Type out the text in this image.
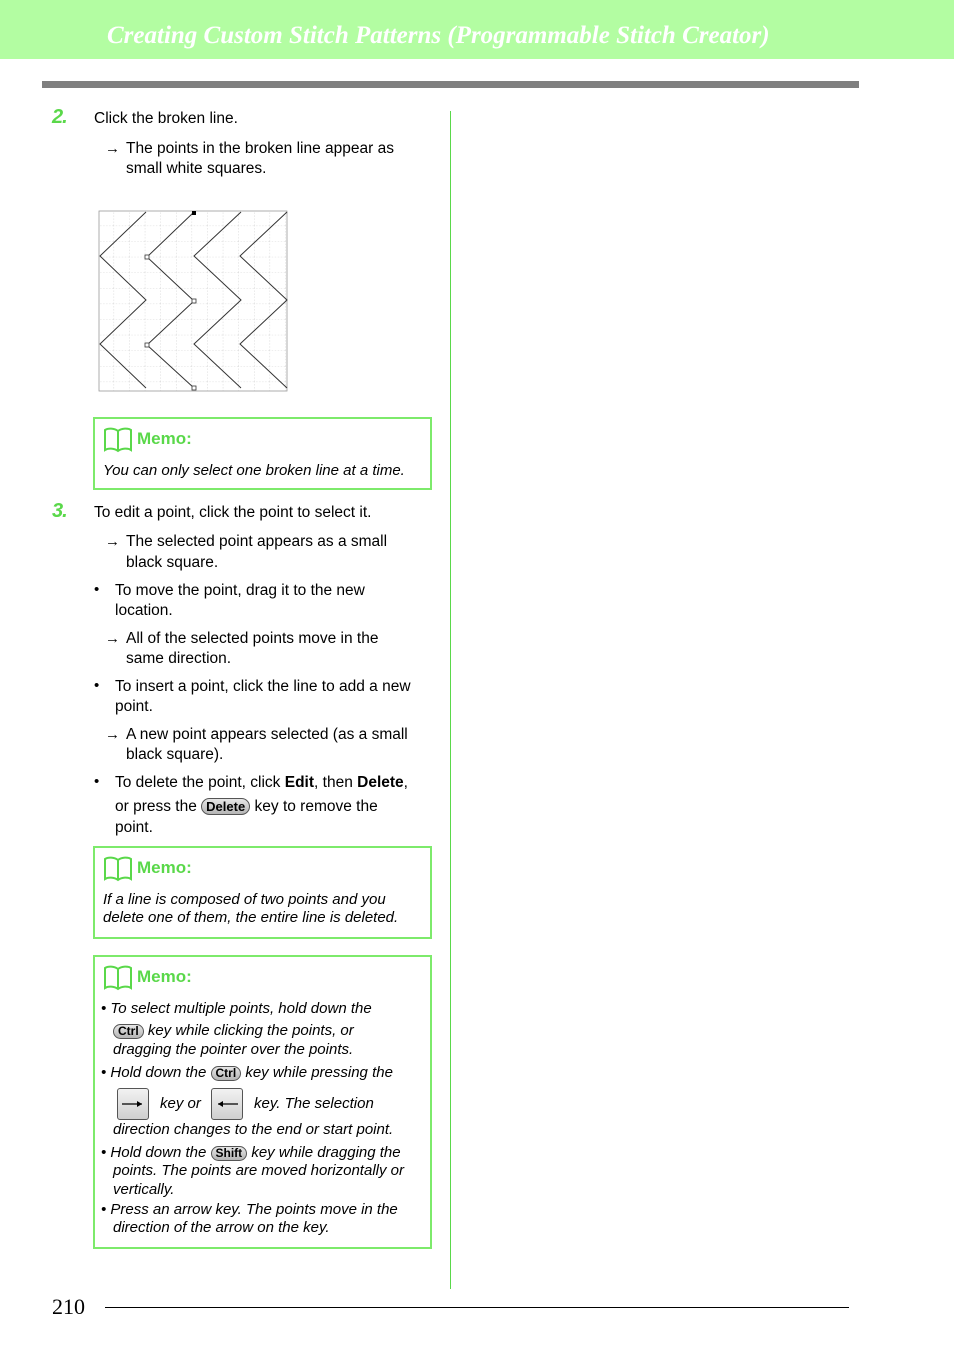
Creating Custom Stitch Patterns (Programmable Stitch Creator)
2. Click the broken line.
→ The points in the broken line appear as
small white squares.
Memo:
You can only select one broken line at a time.
3. To edit a point, click the point to select it.
→ The selected point appears as a small
black square.
• To move the point, drag it to the new
location.
→ All of the selected points move in the
same direction.
• To insert a point, click the line to add a new
point.
→ A new point appears selected (as a small
black square).
• To delete the point, click Edit, then Delete,
or press the Delete key to remove the
point.
Memo:
If a line is composed of two points and you
delete one of them, the entire line is deleted.
Memo:
• To select multiple points, hold down the
Ctrl key while clicking the points, or
dragging the pointer over the points.
• Hold down the Ctrl key while pressing the
key or	key. The selection
direction changes to the end or start point.
• Hold down the Shift key while dragging the
points. The points are moved horizontally or
vertically.
• Press an arrow key. The points move in the
direction of the arrow on the key.
210
